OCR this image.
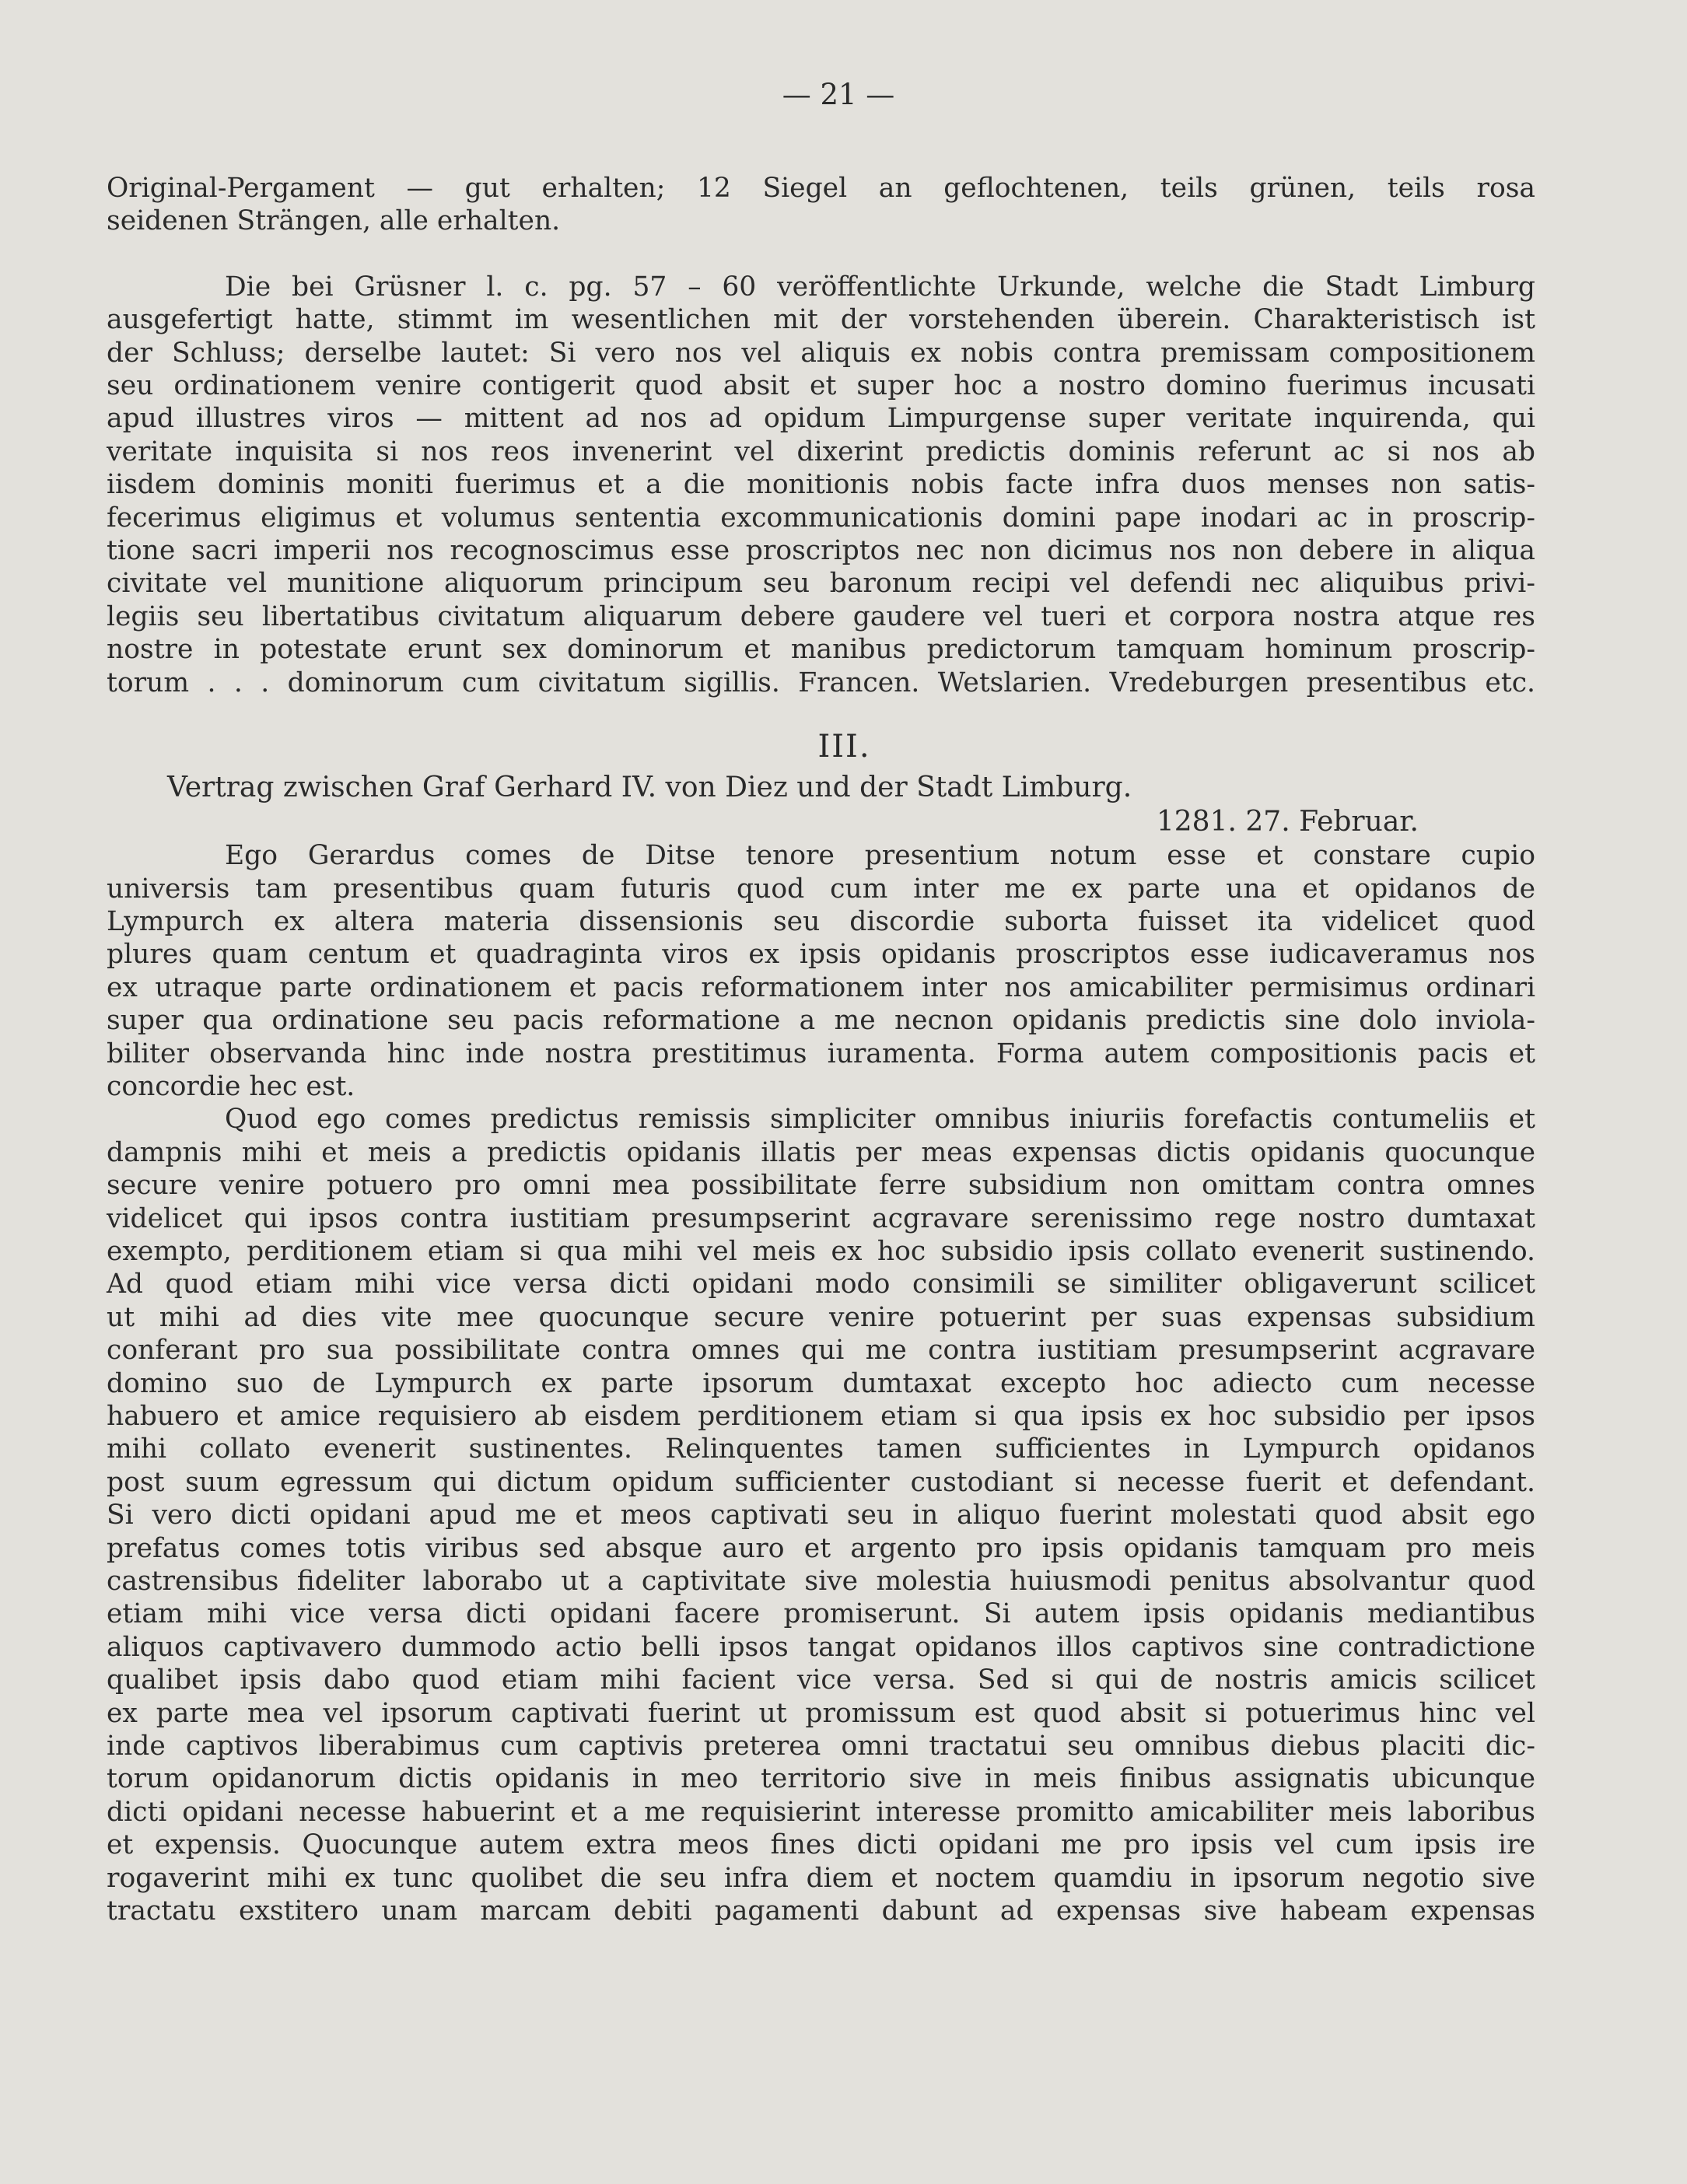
— 21 —
Original-Pergament — gut erhalten; 12 Siegel an geflochtenen, teils grünen, teils rosa
seidenen Strängen, alle erhalten.
Die bei Grüsner l. c. pg. 57 – 60 veröffentlichte Urkunde, welche die Stadt Limburg
ausgefertigt hatte, stimmt im wesentlichen mit der vorstehenden überein. Charakteristisch ist
der Schluss; derselbe lautet: Si vero nos vel aliquis ex nobis contra premissam compositionem
seu ordinationem venire contigerit quod absit et super hoc a nostro domino fuerimus incusati
apud illustres viros — mittent ad nos ad opidum Limpurgense super veritate inquirenda, qui
veritate inquisita si nos reos invenerint vel dixerint predictis dominis referunt ac si nos ab
iisdem dominis moniti fuerimus et a die monitionis nobis facte infra duos menses non satis-
fecerimus eligimus et volumus sententia excommunicationis domini pape inodari ac in proscrip-
tione sacri imperii nos recognoscimus esse proscriptos nec non dicimus nos non debere in aliqua
civitate vel munitione aliquorum principum seu baronum recipi vel defendi nec aliquibus privi-
legiis seu libertatibus civitatum aliquarum debere gaudere vel tueri et corpora nostra atque res
nostre in potestate erunt sex dominorum et manibus predictorum tamquam hominum proscrip-
torum . . . dominorum cum civitatum sigillis. Francen. Wetslarien. Vredeburgen presentibus etc.
III.
Vertrag zwischen Graf Gerhard IV. von Diez und der Stadt Limburg.
1281. 27. Februar.
Ego Gerardus comes de Ditse tenore presentium notum esse et constare cupio
universis tam presentibus quam futuris quod cum inter me ex parte una et opidanos de
Lympurch ex altera materia dissensionis seu discordie suborta fuisset ita videlicet quod
plures quam centum et quadraginta viros ex ipsis opidanis proscriptos esse iudicaveramus nos
ex utraque parte ordinationem et pacis reformationem inter nos amicabiliter permisimus ordinari
super qua ordinatione seu pacis reformatione a me necnon opidanis predictis sine dolo inviola-
biliter observanda hinc inde nostra prestitimus iuramenta. Forma autem compositionis pacis et
concordie hec est.
Quod ego comes predictus remissis simpliciter omnibus iniuriis forefactis contumeliis et
dampnis mihi et meis a predictis opidanis illatis per meas expensas dictis opidanis quocunque
secure venire potuero pro omni mea possibilitate ferre subsidium non omittam contra omnes
videlicet qui ipsos contra iustitiam presumpserint acgravare serenissimo rege nostro dumtaxat
exempto, perditionem etiam si qua mihi vel meis ex hoc subsidio ipsis collato evenerit sustinendo.
Ad quod etiam mihi vice versa dicti opidani modo consimili se similiter obligaverunt scilicet
ut mihi ad dies vite mee quocunque secure venire potuerint per suas expensas subsidium
conferant pro sua possibilitate contra omnes qui me contra iustitiam presumpserint acgravare
domino suo de Lympurch ex parte ipsorum dumtaxat excepto hoc adiecto cum necesse
habuero et amice requisiero ab eisdem perditionem etiam si qua ipsis ex hoc subsidio per ipsos
mihi collato evenerit sustinentes. Relinquentes tamen sufficientes in Lympurch opidanos
post suum egressum qui dictum opidum sufficienter custodiant si necesse fuerit et defendant.
Si vero dicti opidani apud me et meos captivati seu in aliquo fuerint molestati quod absit ego
prefatus comes totis viribus sed absque auro et argento pro ipsis opidanis tamquam pro meis
castrensibus fideliter laborabo ut a captivitate sive molestia huiusmodi penitus absolvantur quod
etiam mihi vice versa dicti opidani facere promiserunt. Si autem ipsis opidanis mediantibus
aliquos captivavero dummodo actio belli ipsos tangat opidanos illos captivos sine contradictione
qualibet ipsis dabo quod etiam mihi facient vice versa. Sed si qui de nostris amicis scilicet
ex parte mea vel ipsorum captivati fuerint ut promissum est quod absit si potuerimus hinc vel
inde captivos liberabimus cum captivis preterea omni tractatui seu omnibus diebus placiti dic-
torum opidanorum dictis opidanis in meo territorio sive in meis finibus assignatis ubicunque
dicti opidani necesse habuerint et a me requisierint interesse promitto amicabiliter meis laboribus
et expensis. Quocunque autem extra meos fines dicti opidani me pro ipsis vel cum ipsis ire
rogaverint mihi ex tunc quolibet die seu infra diem et noctem quamdiu in ipsorum negotio sive
tractatu exstitero unam marcam debiti pagamenti dabunt ad expensas sive habeam expensas
